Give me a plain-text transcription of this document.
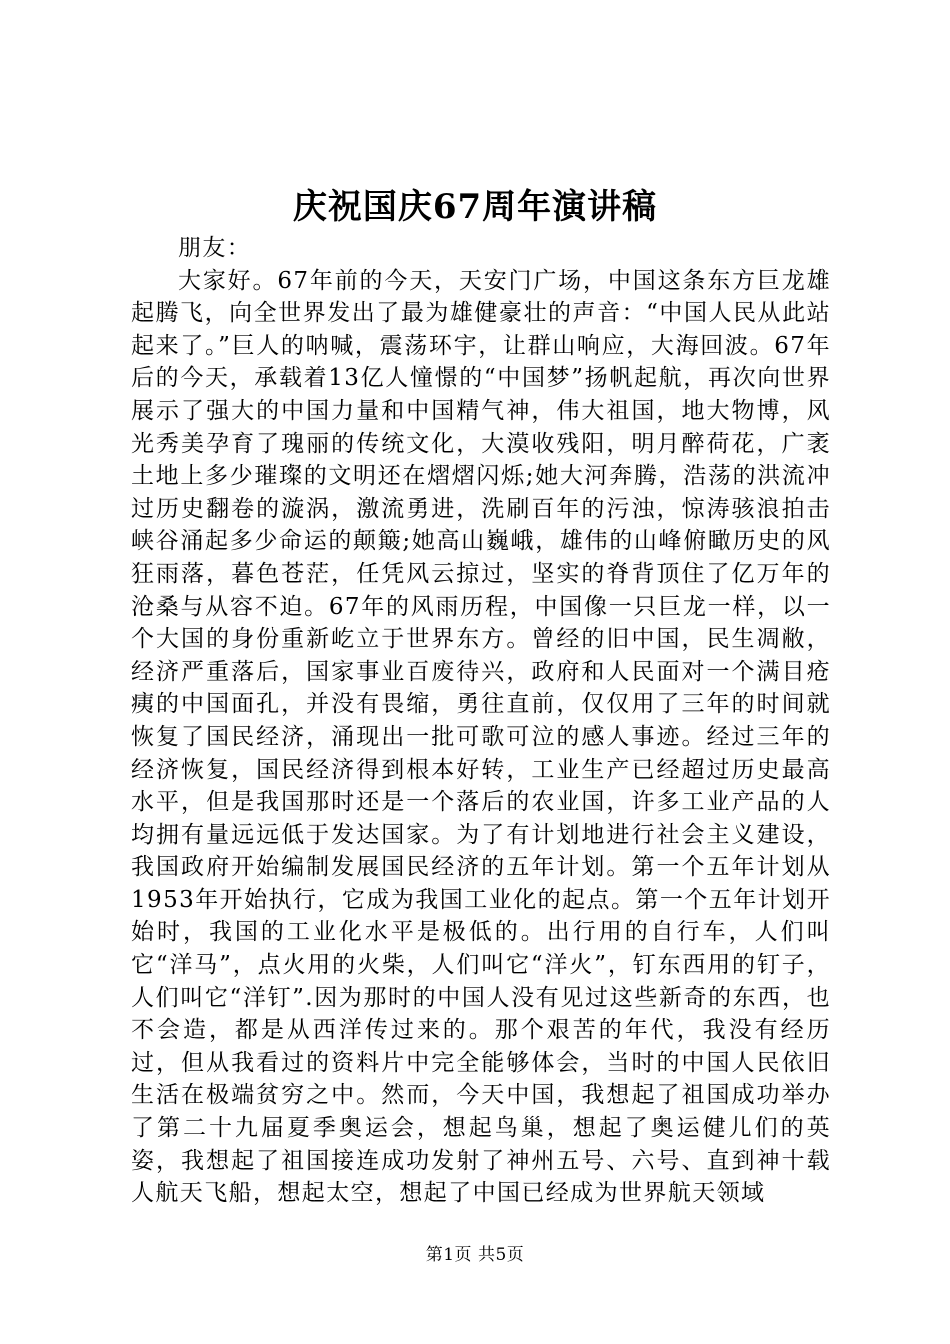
庆祝国庆67周年演讲稿

朋友：

大家好。67年前的今天，天安门广场，中国这条东方巨龙雄起腾飞，向全世界发出了最为雄健豪壮的声音：“中国人民从此站起来了。”巨人的呐喊，震荡环宇，让群山响应，大海回波。67年后的今天，承载着13亿人憧憬的“中国梦”扬帆起航，再次向世界展示了强大的中国力量和中国精气神，伟大祖国，地大物博，风光秀美孕育了瑰丽的传统文化，大漠收残阳，明月醉荷花，广袤土地上多少璀璨的文明还在熠熠闪烁;她大河奔腾，浩荡的洪流冲过历史翻卷的漩涡，激流勇进，洗刷百年的污浊，惊涛骇浪拍击峡谷涌起多少命运的颠簸;她高山巍峨，雄伟的山峰俯瞰历史的风狂雨落，暮色苍茫，任凭风云掠过，坚实的脊背顶住了亿万年的沧桑与从容不迫。67年的风雨历程，中国像一只巨龙一样，以一个大国的身份重新屹立于世界东方。曾经的旧中国，民生凋敝，经济严重落后，国家事业百废待兴，政府和人民面对一个满目疮痍的中国面孔，并没有畏缩，勇往直前，仅仅用了三年的时间就恢复了国民经济，涌现出一批可歌可泣的感人事迹。经过三年的经济恢复，国民经济得到根本好转，工业生产已经超过历史最高水平，但是我国那时还是一个落后的农业国，许多工业产品的人均拥有量远远低于发达国家。为了有计划地进行社会主义建设，我国政府开始编制发展国民经济的五年计划。第一个五年计划从1953年开始执行，它成为我国工业化的起点。第一个五年计划开始时，我国的工业化水平是极低的。出行用的自行车，人们叫它“洋马”，点火用的火柴，人们叫它“洋火”，钉东西用的钉子，人们叫它“洋钉”.因为那时的中国人没有见过这些新奇的东西，也不会造，都是从西洋传过来的。那个艰苦的年代，我没有经历过，但从我看过的资料片中完全能够体会，当时的中国人民依旧生活在极端贫穷之中。然而，今天中国，我想起了祖国成功举办了第二十九届夏季奥运会，想起鸟巢，想起了奥运健儿们的英姿，我想起了祖国接连成功发射了神州五号、六号、直到神十载人航天飞船，想起太空，想起了中国已经成为世界航天领域

第1页 共5页
